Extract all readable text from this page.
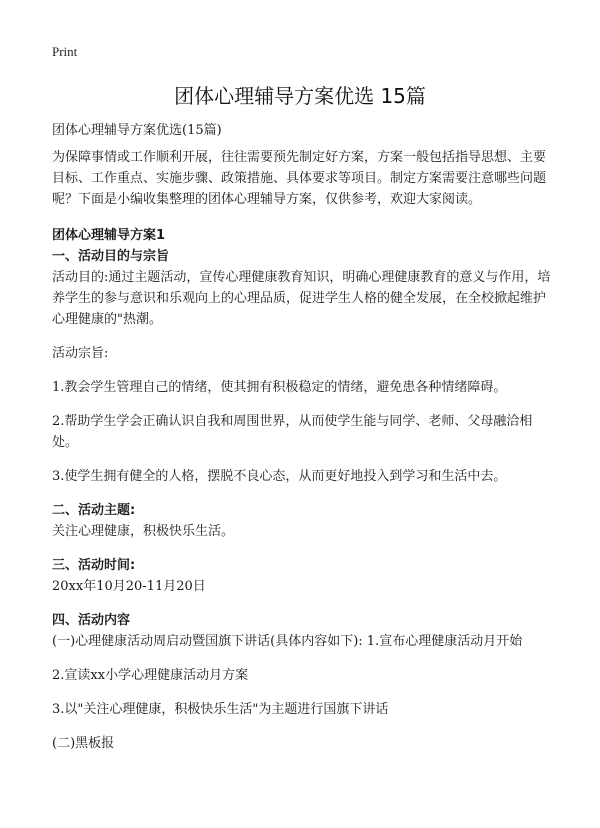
Print
团体心理辅导方案优选 15篇

团体心理辅导方案优选(15篇)

为保障事情或工作顺利开展，往往需要预先制定好方案，方案一般包括指导思想、主要目标、工作重点、实施步骤、政策措施、具体要求等项目。制定方案需要注意哪些问题呢？下面是小编收集整理的团体心理辅导方案，仅供参考，欢迎大家阅读。

团体心理辅导方案1

一、活动目的与宗旨

活动目的:通过主题活动，宣传心理健康教育知识，明确心理健康教育的意义与作用，培养学生的参与意识和乐观向上的心理品质，促进学生人格的健全发展，在全校掀起维护心理健康的"热潮。

活动宗旨:

1.教会学生管理自己的情绪，使其拥有积极稳定的情绪，避免患各种情绪障碍。

2.帮助学生学会正确认识自我和周围世界，从而使学生能与同学、老师、父母融洽相处。

3.使学生拥有健全的人格，摆脱不良心态，从而更好地投入到学习和生活中去。

二、活动主题:

关注心理健康，积极快乐生活。

三、活动时间:

20xx年10月20-11月20日

四、活动内容

(一)心理健康活动周启动暨国旗下讲话(具体内容如下): 1.宣布心理健康活动月开始

2.宣读xx小学心理健康活动月方案

3.以"关注心理健康，积极快乐生活"为主题进行国旗下讲话

(二)黑板报
